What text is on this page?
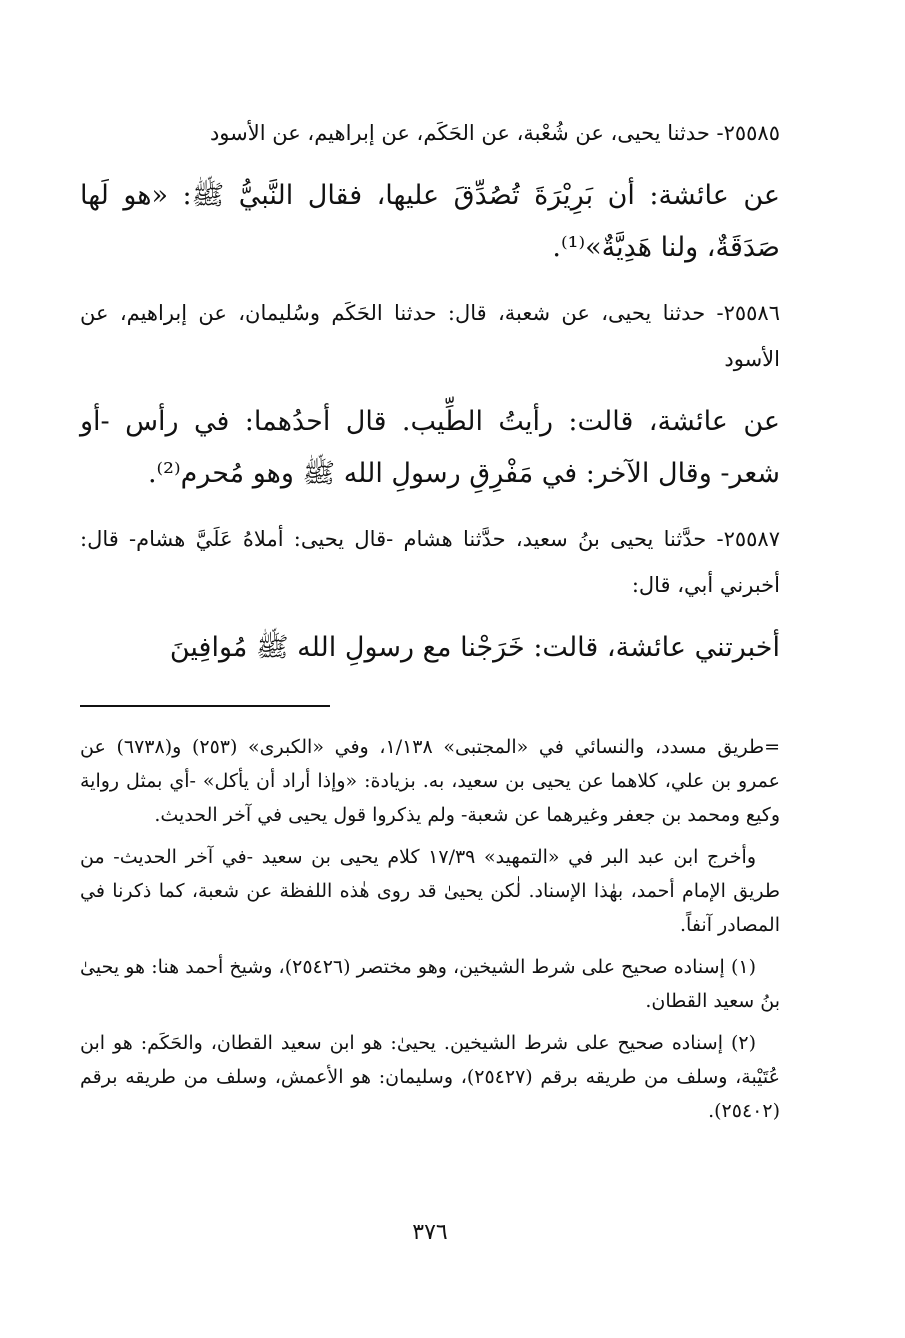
٢٥٥٨٥- حدثنا يحيى، عن شُعْبة، عن الحَكَم، عن إبراهيم، عن الأسود

عن عائشة: أن بَرِيْرَةَ تُصُدِّقَ عليها، فقال النَّبيُّ ﷺ: «هو لَها صَدَقَةٌ، ولنا هَدِيَّةٌ»⁽¹⁾.

٢٥٥٨٦- حدثنا يحيى، عن شعبة، قال: حدثنا الحَكَم وسُليمان، عن إبراهيم، عن الأسود

عن عائشة، قالت: رأيتُ الطِّيب. قال أحدُهما: في رأس -أو شعر- وقال الآخر: في مَفْرِقِ رسولِ الله ﷺ وهو مُحرم⁽²⁾.

٢٥٥٨٧- حدَّثنا يحيى بنُ سعيد، حدَّثنا هشام -قال يحيى: أملاهُ عَلَيَّ هشام- قال: أخبرني أبي، قال:

أخبرتني عائشة، قالت: خَرَجْنا مع رسولِ الله ﷺ مُوافِينَ

=طريق مسدد، والنسائي في «المجتبى» ١/١٣٨، وفي «الكبرى» (٢٥٣) و(٦٧٣٨) عن عمرو بن علي، كلاهما عن يحيى بن سعيد، به. بزيادة: «وإذا أراد أن يأكل» -أي بمثل رواية وكيع ومحمد بن جعفر وغيرهما عن شعبة- ولم يذكروا قول يحيى في آخر الحديث.

وأخرج ابن عبد البر في «التمهيد» ١٧/٣٩ كلام يحيى بن سعيد -في آخر الحديث- من طريق الإمام أحمد، بهٰذا الإسناد. لٰكن يحيىٰ قد روى هٰذه اللفظة عن شعبة، كما ذكرنا في المصادر آنفاً.

(١) إسناده صحيح على شرط الشيخين، وهو مختصر (٢٥٤٢٦)، وشيخ أحمد هنا: هو يحيىٰ بنُ سعيد القطان.

(٢) إسناده صحيح على شرط الشيخين. يحيىٰ: هو ابن سعيد القطان، والحَكَم: هو ابن عُتَيْبة، وسلف من طريقه برقم (٢٥٤٢٧)، وسليمان: هو الأعمش، وسلف من طريقه برقم (٢٥٤٠٢).

٣٧٦
